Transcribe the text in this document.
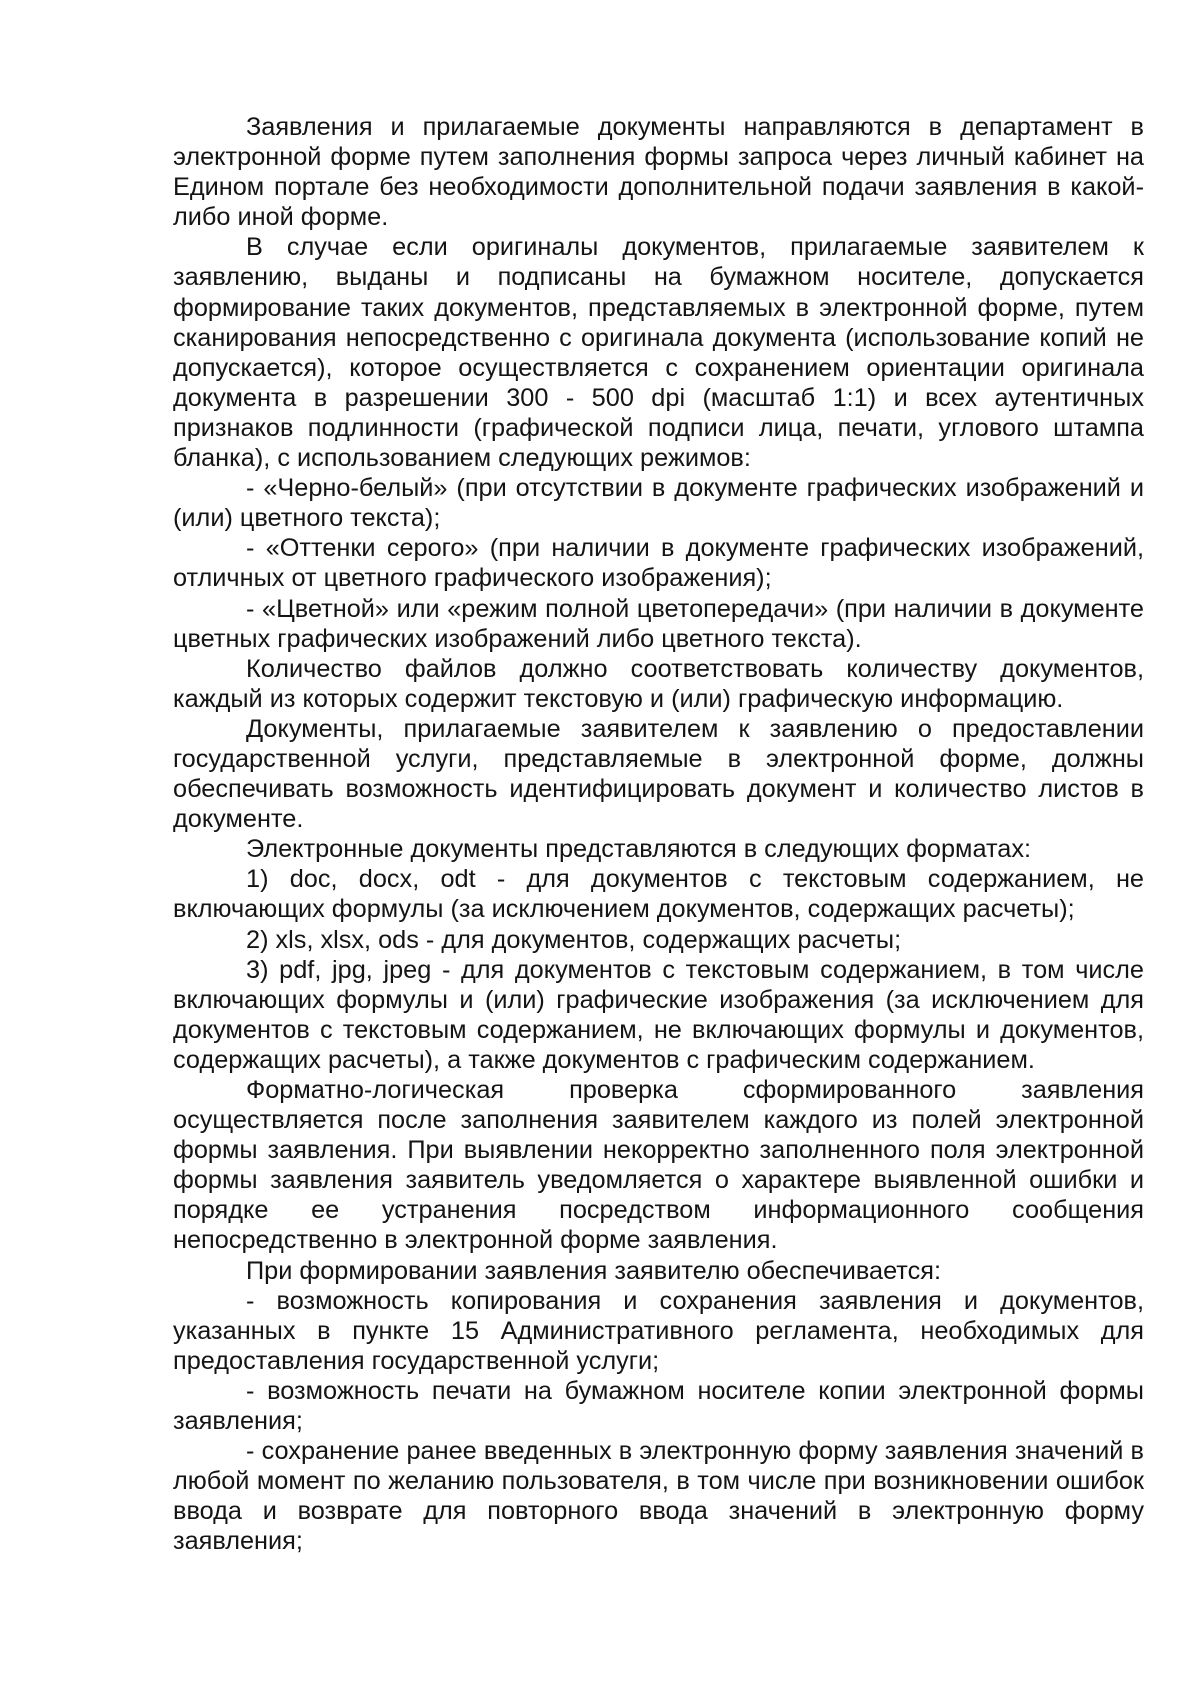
Заявления и прилагаемые документы направляются в департамент в электронной форме путем заполнения формы запроса через личный кабинет на Едином портале без необходимости дополнительной подачи заявления в какой-либо иной форме.

В случае если оригиналы документов, прилагаемые заявителем к заявлению, выданы и подписаны на бумажном носителе, допускается формирование таких документов, представляемых в электронной форме, путем сканирования непосредственно с оригинала документа (использование копий не допускается), которое осуществляется с сохранением ориентации оригинала документа в разрешении 300 - 500 dpi (масштаб 1:1) и всех аутентичных признаков подлинности (графической подписи лица, печати, углового штампа бланка), с использованием следующих режимов:

- «Черно-белый» (при отсутствии в документе графических изображений и (или) цветного текста);

- «Оттенки серого» (при наличии в документе графических изображений, отличных от цветного графического изображения);

- «Цветной» или «режим полной цветопередачи» (при наличии в документе цветных графических изображений либо цветного текста).

Количество файлов должно соответствовать количеству документов, каждый из которых содержит текстовую и (или) графическую информацию.

Документы, прилагаемые заявителем к заявлению о предоставлении государственной услуги, представляемые в электронной форме, должны обеспечивать возможность идентифицировать документ и количество листов в документе.

Электронные документы представляются в следующих форматах:

1) doc, docx, odt - для документов с текстовым содержанием, не включающих формулы (за исключением документов, содержащих расчеты);

2) xls, xlsx, ods - для документов, содержащих расчеты;

3) pdf, jpg, jpeg - для документов с текстовым содержанием, в том числе включающих формулы и (или) графические изображения (за исключением для документов с текстовым содержанием, не включающих формулы и документов, содержащих расчеты), а также документов с графическим содержанием.

Форматно-логическая проверка сформированного заявления осуществляется после заполнения заявителем каждого из полей электронной формы заявления. При выявлении некорректно заполненного поля электронной формы заявления заявитель уведомляется о характере выявленной ошибки и порядке ее устранения посредством информационного сообщения непосредственно в электронной форме заявления.

При формировании заявления заявителю обеспечивается:

- возможность копирования и сохранения заявления и документов, указанных в пункте 15 Административного регламента, необходимых для предоставления государственной услуги;

- возможность печати на бумажном носителе копии электронной формы заявления;

- сохранение ранее введенных в электронную форму заявления значений в любой момент по желанию пользователя, в том числе при возникновении ошибок ввода и возврате для повторного ввода значений в электронную форму заявления;
